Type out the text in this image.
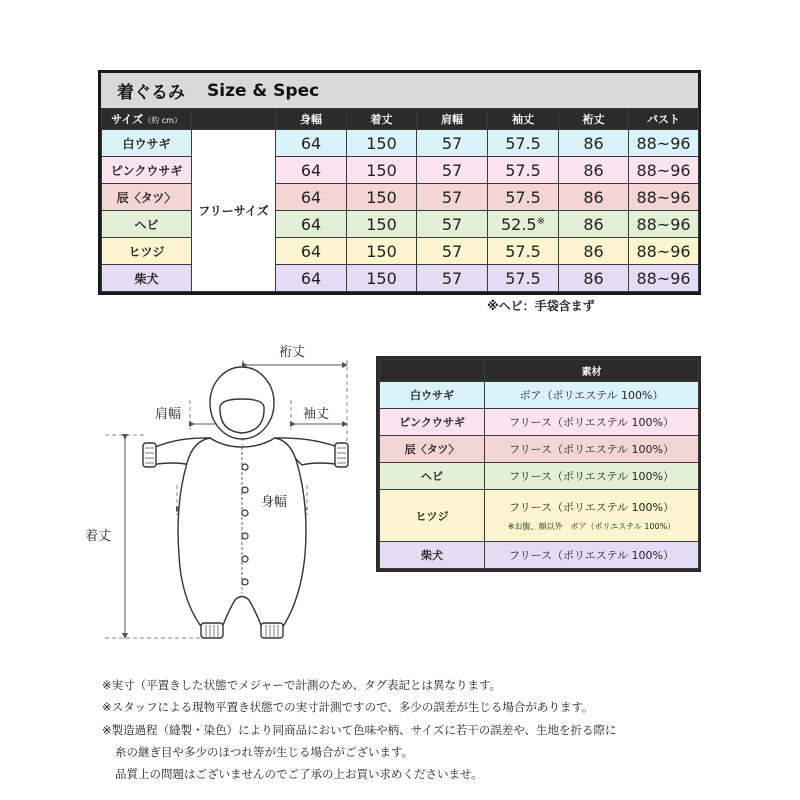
着ぐるみ Size & Spec
サイズ（約 cm）		身幅	着丈	肩幅	袖丈	裄丈	バスト
白ウサギ	フリーサイズ	64	150	57	57.5	86	88~96
ピンクウサギ		64	150	57	57.5	86	88~96
辰〈タツ〉		64	150	57	57.5	86	88~96
ヘビ		64	150	57	52.5※	86	88~96
ヒツジ		64	150	57	57.5	86	88~96
柴犬		64	150	57	57.5	86	88~96
※ヘビ：手袋含まず
裄丈
肩幅	袖丈
身幅
着丈
	素材
白ウサギ	ボア（ポリエステル 100%）
ピンクウサギ	フリース（ポリエステル 100%）
辰〈タツ〉	フリース（ポリエステル 100%）
ヘビ	フリース（ポリエステル 100%）
ヒツジ	フリース（ポリエステル 100%）
※お腹、顔以外　ボア（ポリエステル 100%）

柴犬	フリース（ポリエステル 100%）
※実寸（平置きした状態でメジャーで計測のため、タグ表記とは異なります。
※スタッフによる現物平置き状態での実寸計測ですので、多少の誤差が生じる場合があります。
※製造過程（縫製・染色）により同商品において色味や柄、サイズに若干の誤差や、生地を折る際に
糸の継ぎ目や多少のほつれ等が生じる場合がございます。
品質上の問題はございませんのでご了承の上お買い求めくださいませ。
